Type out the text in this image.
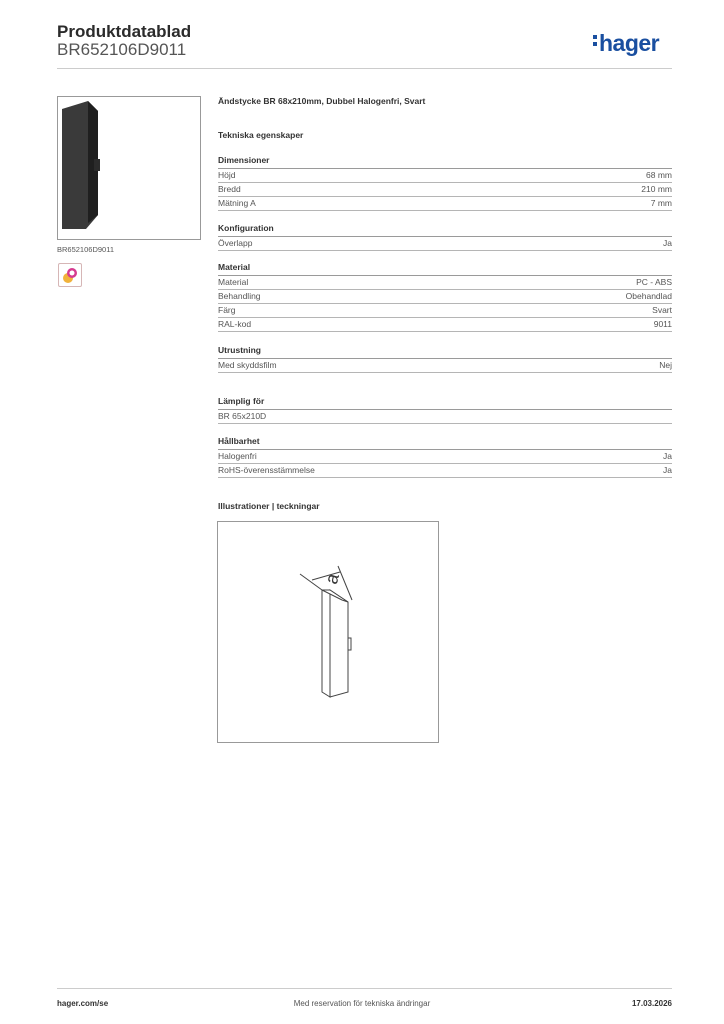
Produktdatablad
BR652106D9011	hager
BR652106D9011
Ändstycke BR 68x210mm, Dubbel Halogenfri, Svart
Tekniska egenskaper
Dimensioner
Höjd	68 mm
Bredd	210 mm
Mätning A	7 mm
Konfiguration
Överlapp	Ja
Material
Material	PC - ABS
Behandling	Obehandlad
Färg	Svart
RAL-kod	9011
Utrustning
Med skyddsfilm	Nej
Lämplig för
BR 65x210D
Hållbarhet
Halogenfri	Ja
RoHS-överensstämmelse	Ja
Illustrationer | teckningar
a
Med reservation för tekniska ändringar
hager.com/se	17.03.2026
